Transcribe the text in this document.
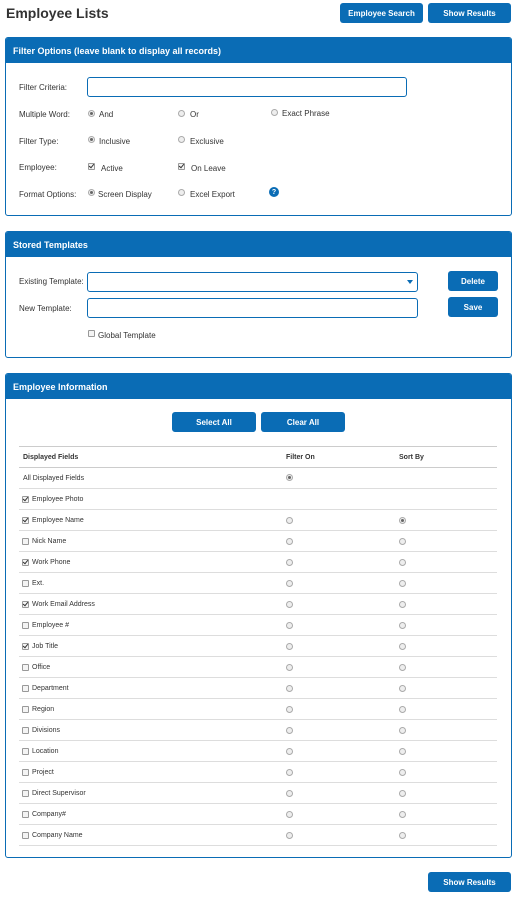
Employee Lists	Employee Search	Show Results
Filter Options (leave blank to display all records)
Filter Criteria:
Multiple Word:	And	Or	Exact Phrase
Filter Type:	Inclusive	Exclusive
Employee:	Active	On Leave
Format Options:	Screen Display	Excel Export	?
Stored Templates
Existing Template:	Delete
New Template:	Save
Global Template
Employee Information
Select All	Clear All
Displayed Fields	Filter On	Sort By
All Displayed Fields
Employee Photo
Employee Name
Nick Name
Work Phone
Ext.
Work Email Address
Employee #
Job Title
Office
Department
Region
Divisions
Location
Project
Direct Supervisor
Company#
Company Name
Show Results
